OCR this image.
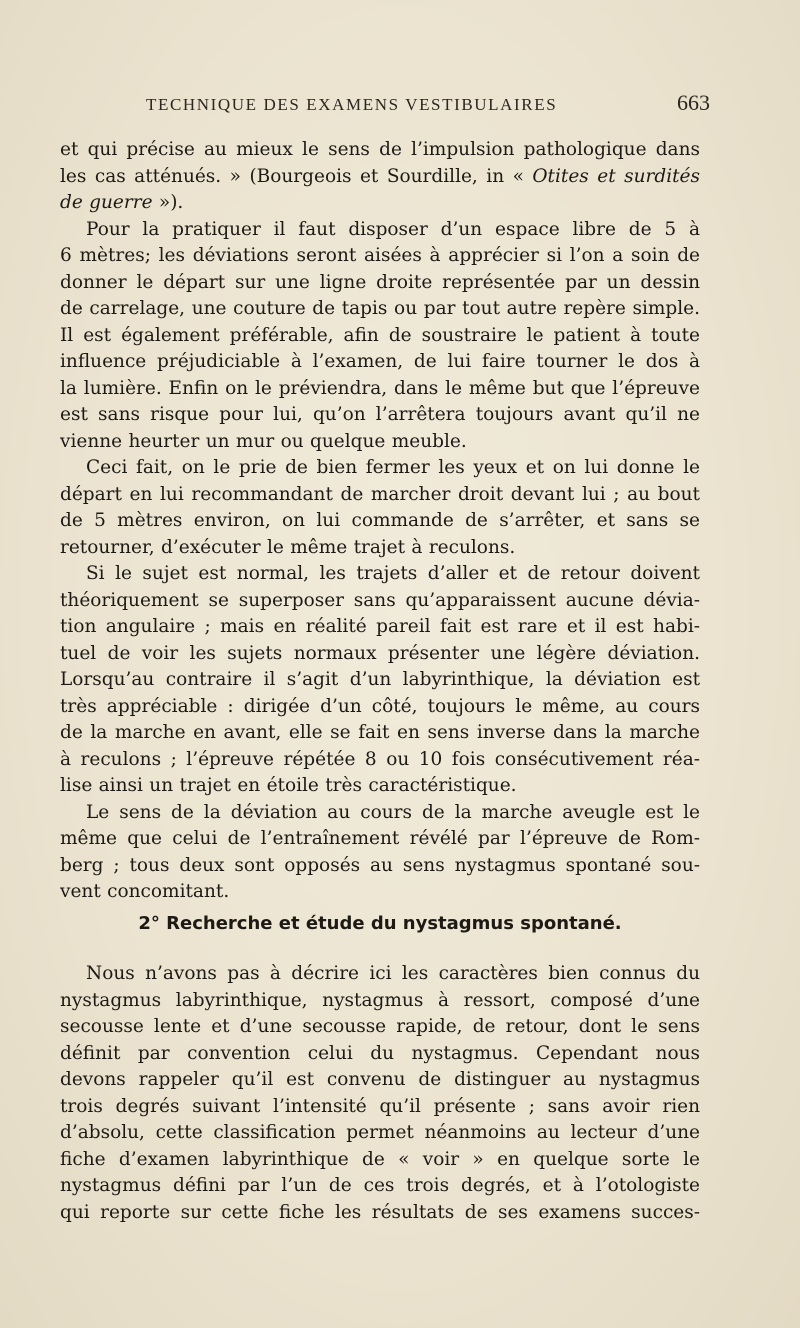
TECHNIQUE DES EXAMENS VESTIBULAIRES	663
et qui précise au mieux le sens de l’impulsion pathologique dans
les cas atténués. » (Bourgeois et Sourdille, in « Otites et surdités
de guerre »).
Pour la pratiquer il faut disposer d’un espace libre de 5 à
6 mètres; les déviations seront aisées à apprécier si l’on a soin de
donner le départ sur une ligne droite représentée par un dessin
de carrelage, une couture de tapis ou par tout autre repère simple.
Il est également préférable, afin de soustraire le patient à toute
influence préjudiciable à l’examen, de lui faire tourner le dos à
la lumière. Enfin on le préviendra, dans le même but que l’épreuve
est sans risque pour lui, qu’on l’arrêtera toujours avant qu’il ne
vienne heurter un mur ou quelque meuble.
Ceci fait, on le prie de bien fermer les yeux et on lui donne le
départ en lui recommandant de marcher droit devant lui ; au bout
de 5 mètres environ, on lui commande de s’arrêter, et sans se
retourner, d’exécuter le même trajet à reculons.
Si le sujet est normal, les trajets d’aller et de retour doivent
théoriquement se superposer sans qu’apparaissent aucune dévia-
tion angulaire ; mais en réalité pareil fait est rare et il est habi-
tuel de voir les sujets normaux présenter une légère déviation.
Lorsqu’au contraire il s’agit d’un labyrinthique, la déviation est
très appréciable : dirigée d’un côté, toujours le même, au cours
de la marche en avant, elle se fait en sens inverse dans la marche
à reculons ; l’épreuve répétée 8 ou 10 fois consécutivement réa-
lise ainsi un trajet en étoile très caractéristique.
Le sens de la déviation au cours de la marche aveugle est le
même que celui de l’entraînement révélé par l’épreuve de Rom-
berg ; tous deux sont opposés au sens nystagmus spontané sou-
vent concomitant.
2° Recherche et étude du nystagmus spontané.
Nous n’avons pas à décrire ici les caractères bien connus du
nystagmus labyrinthique, nystagmus à ressort, composé d’une
secousse lente et d’une secousse rapide, de retour, dont le sens
définit par convention celui du nystagmus. Cependant nous
devons rappeler qu’il est convenu de distinguer au nystagmus
trois degrés suivant l’intensité qu’il présente ; sans avoir rien
d’absolu, cette classification permet néanmoins au lecteur d’une
fiche d’examen labyrinthique de « voir » en quelque sorte le
nystagmus défini par l’un de ces trois degrés, et à l’otologiste
qui reporte sur cette fiche les résultats de ses examens succes-
